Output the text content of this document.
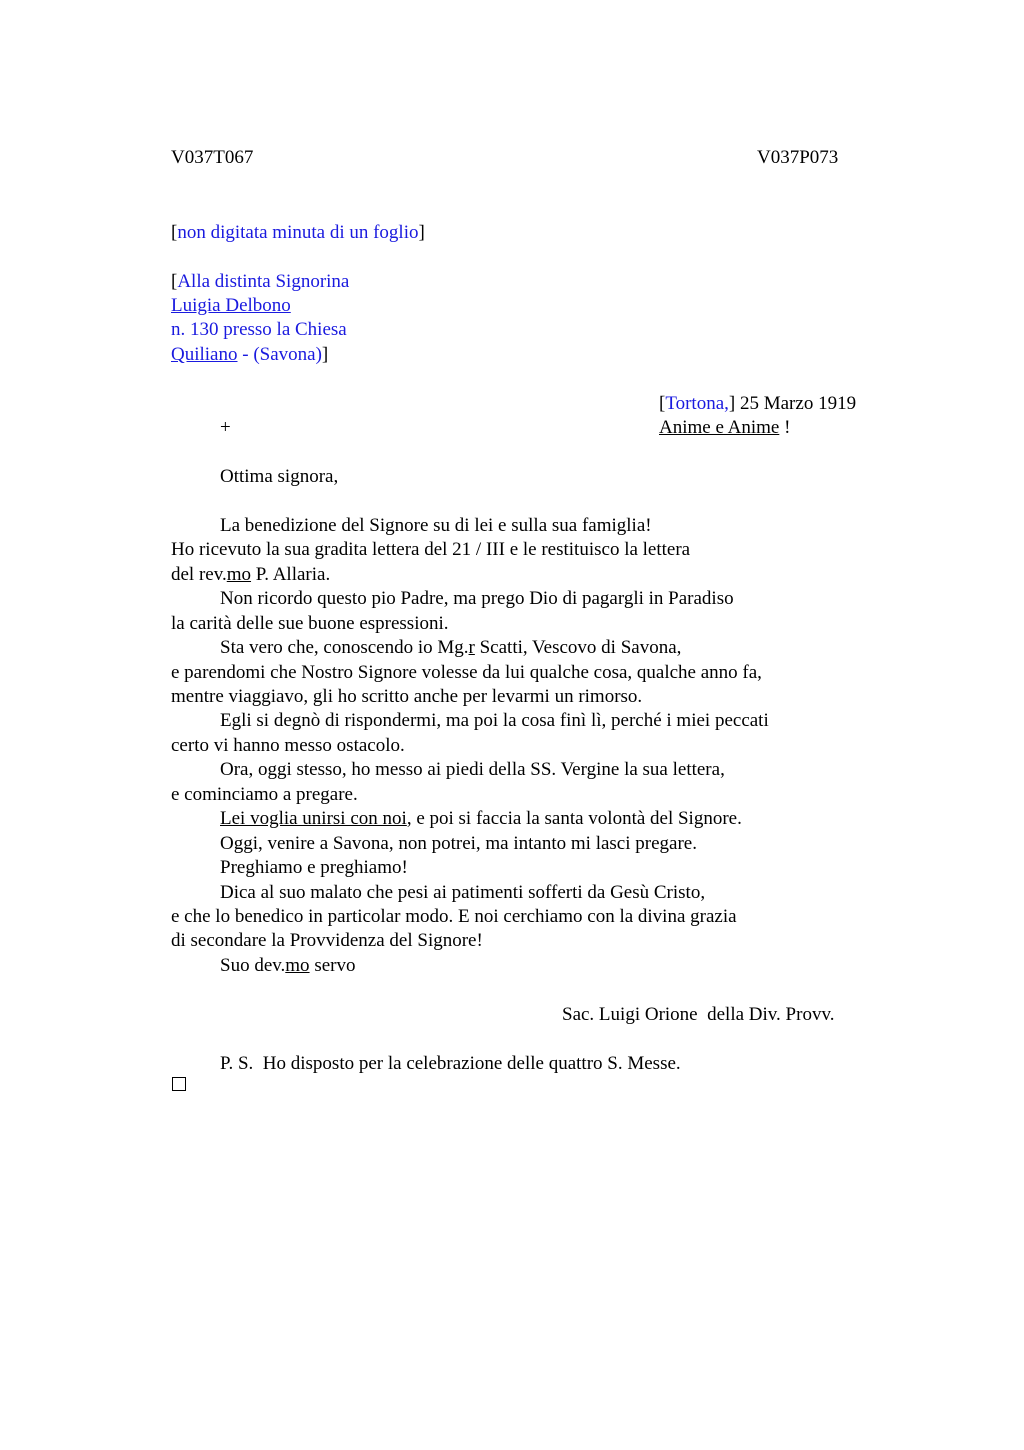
V037T067	V037P073
[non digitata minuta di un foglio]
[Alla distinta Signorina
Luigia Delbono
n. 130 presso la Chiesa
Quiliano - (Savona)]
[Tortona,] 25 Marzo 1919
+	Anime e Anime !
Ottima signora,
La benedizione del Signore su di lei e sulla sua famiglia!
Ho ricevuto la sua gradita lettera del 21 / III e le restituisco la lettera
del rev.mo P. Allaria.
Non ricordo questo pio Padre, ma prego Dio di pagargli in Paradiso
la carità delle sue buone espressioni.
Sta vero che, conoscendo io Mg.r Scatti, Vescovo di Savona,
e parendomi che Nostro Signore volesse da lui qualche cosa, qualche anno fa,
mentre viaggiavo, gli ho scritto anche per levarmi un rimorso.
Egli si degnò di rispondermi, ma poi la cosa finì lì, perché i miei peccati
certo vi hanno messo ostacolo.
Ora, oggi stesso, ho messo ai piedi della SS. Vergine la sua lettera,
e cominciamo a pregare.
Lei voglia unirsi con noi, e poi si faccia la santa volontà del Signore.
Oggi, venire a Savona, non potrei, ma intanto mi lasci pregare.
Preghiamo e preghiamo!
Dica al suo malato che pesi ai patimenti sofferti da Gesù Cristo,
e che lo benedico in particolar modo. E noi cerchiamo con la divina grazia
di secondare la Provvidenza del Signore!
Suo dev.mo servo
Sac. Luigi Orione  della Div. Provv.
P. S.  Ho disposto per la celebrazione delle quattro S. Messe.
